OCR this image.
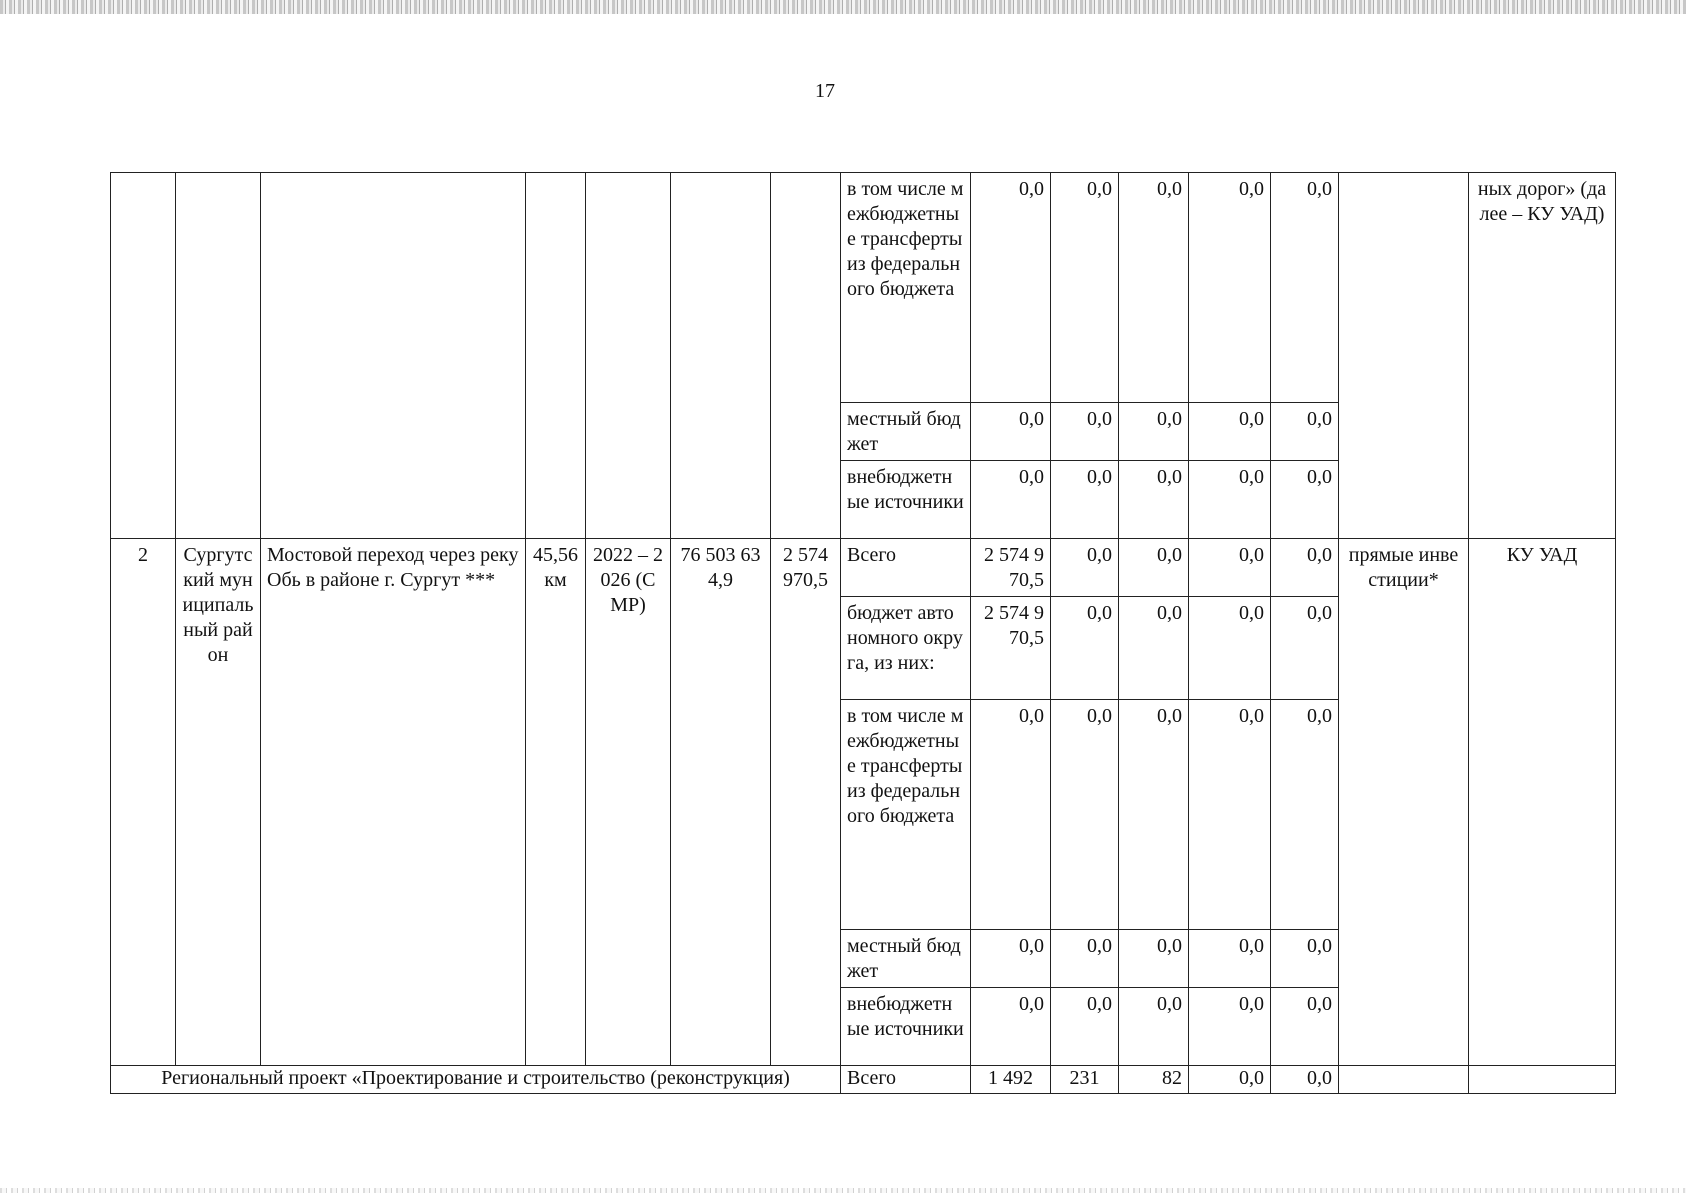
17
							в том числе межбюджетные трансферты из федерального бюджета	0,0	0,0	0,0	0,0	0,0		ных дорог» (далее – КУ УАД)
							местный бюджет	0,0	0,0	0,0	0,0	0,0		
							внебюджетные источники	0,0	0,0	0,0	0,0	0,0		
2	Сургутский муниципальный район	Мостовой переход через реку Обь в районе г. Сургут ***	45,56 км	2022 – 2026 (СМР)	76 503 634,9	2 574 970,5	Всего	2 574 970,5	0,0	0,0	0,0	0,0	прямые инвестиции*	КУ УАД
							бюджет автономного округа, из них:	2 574 970,5	0,0	0,0	0,0	0,0		
							в том числе межбюджетные трансферты из федерального бюджета	0,0	0,0	0,0	0,0	0,0		
							местный бюджет	0,0	0,0	0,0	0,0	0,0		
							внебюджетные источники	0,0	0,0	0,0	0,0	0,0		
Региональный проект «Проектирование и строительство (реконструкция)							Всего	1 492	231	82	0,0	0,0		
